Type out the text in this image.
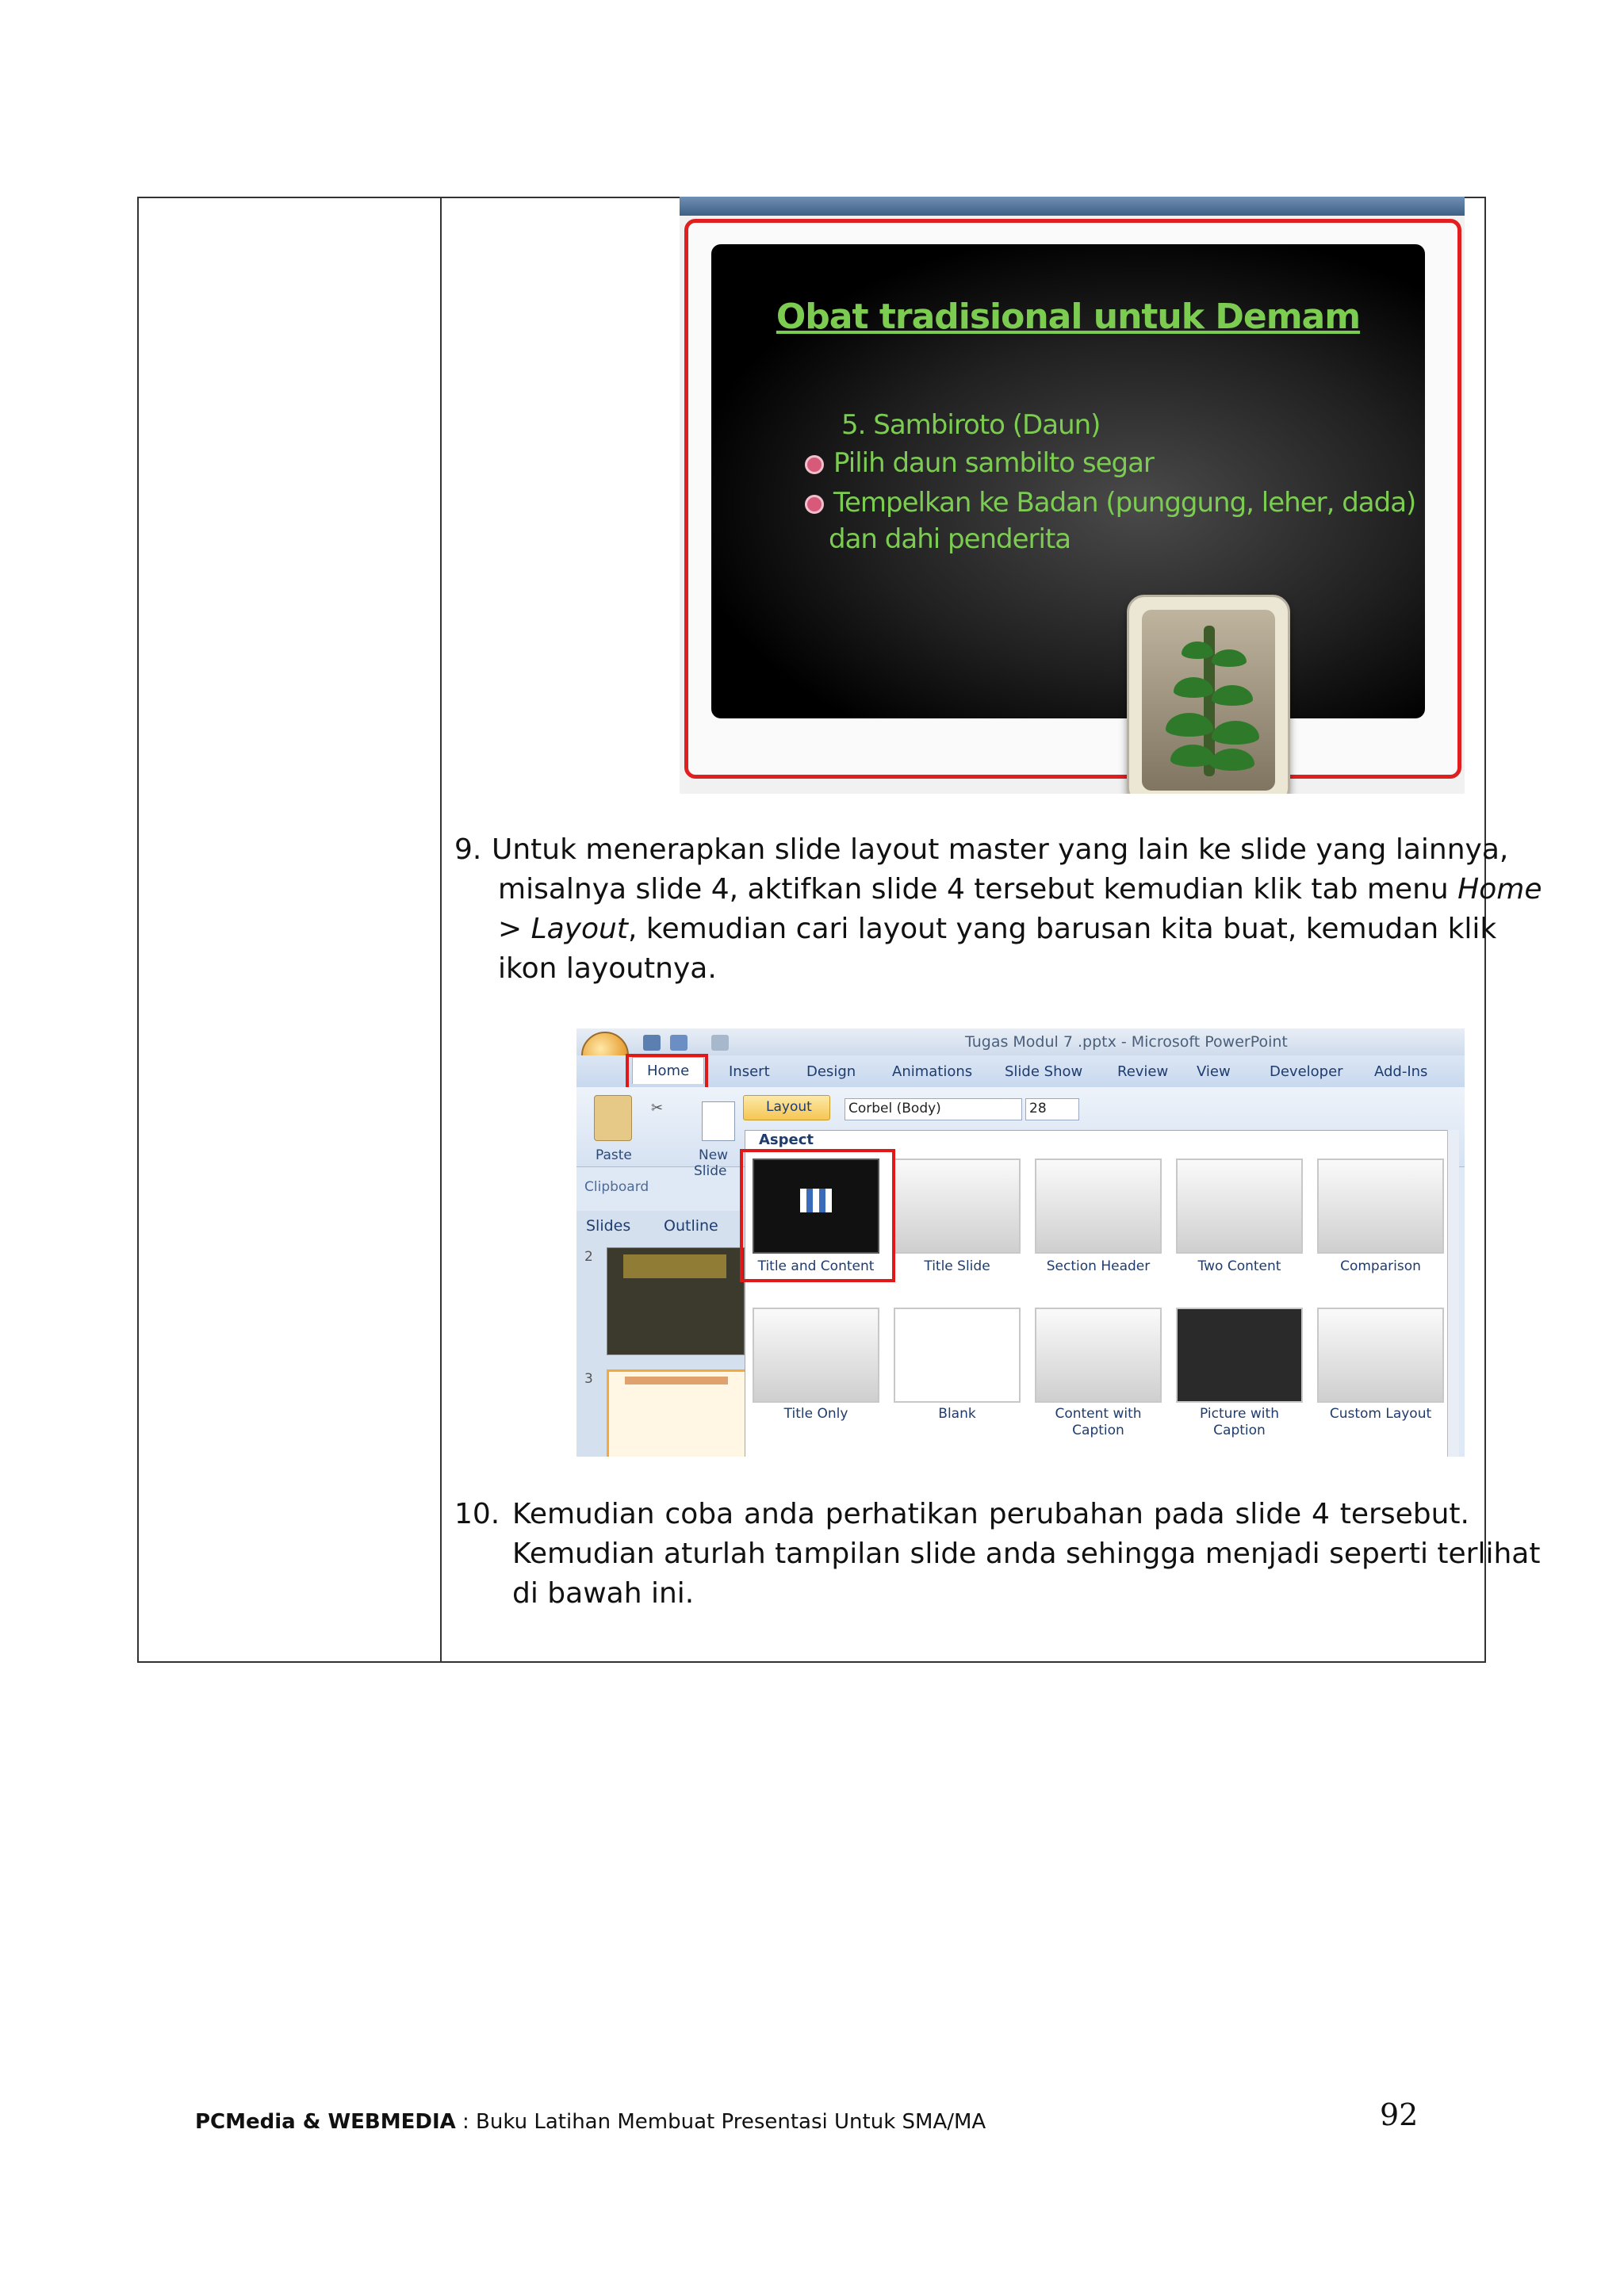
Obat tradisional untuk Demam
5. Sambiroto (Daun)
Pilih daun sambilto segar
Tempelkan ke Badan (punggung, leher, dada)
dan dahi penderita
9. Untuk menerapkan slide layout master yang lain ke slide yang lainnya,
misalnya slide 4, aktifkan slide 4 tersebut kemudian klik tab menu Home
> Layout, kemudian cari layout yang barusan kita buat, kemudan klik
ikon layoutnya.
Tugas Modul 7 .pptx - Microsoft PowerPoint
Home	Insert	Design	Animations Slide Show Review View	Developer Add-Ins
Paste
✂
New
Slide
Clipboard
Layout	Corbel (Body)	28
Slides Outline
2
3
Aspect
Title and Content	Title Slide	Section Header	Two Content	Comparison
Title Only	Blank	Content with
Caption
Picture with
Caption
Custom Layout
10. Kemudian coba anda perhatikan perubahan pada slide 4 tersebut.
Kemudian aturlah tampilan slide anda sehingga menjadi seperti terlihat
di bawah ini.
PCMedia & WEBMEDIA : Buku Latihan Membuat Presentasi Untuk SMA/MA	92
